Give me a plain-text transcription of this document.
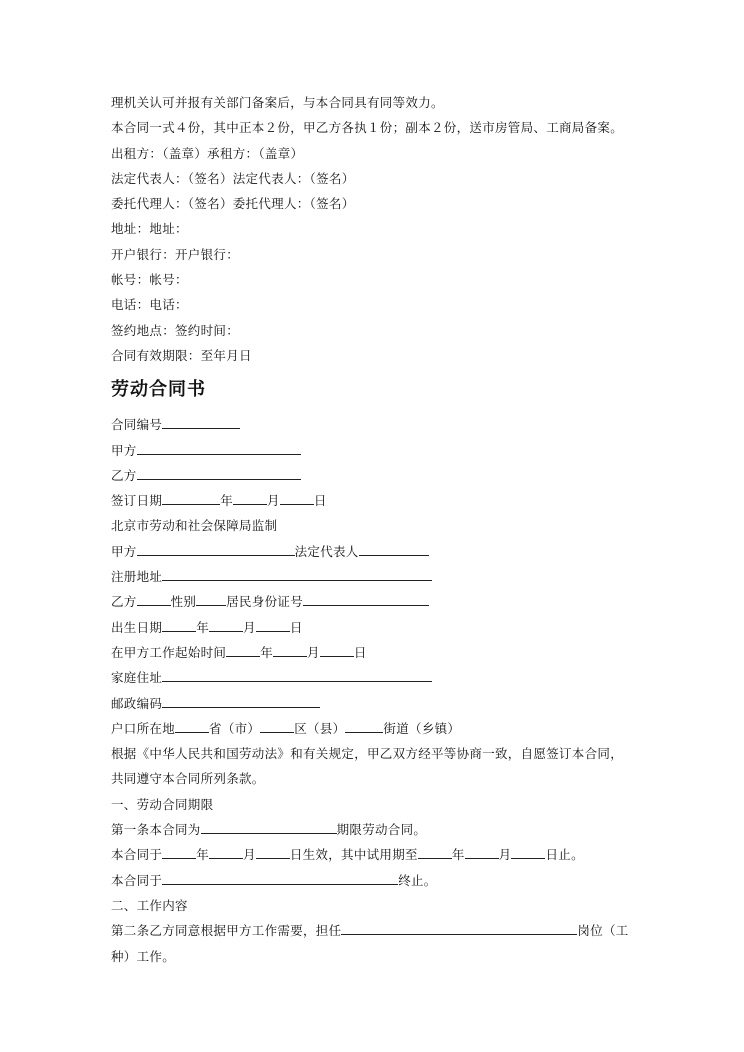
理机关认可并报有关部门备案后，与本合同具有同等效力。
本合同一式４份，其中正本２份，甲乙方各执１份；副本２份，送市房管局、工商局备案。
出租方：（盖章）承租方：（盖章）
法定代表人：（签名）法定代表人：（签名）
委托代理人：（签名）委托代理人：（签名）
地址：地址：
开户银行：开户银行：
帐号：帐号：
电话：电话：
签约地点：签约时间：
合同有效期限：至年月日
劳动合同书
合同编号
甲方
乙方
签订日期	年	月	日
北京市劳动和社会保障局监制
甲方	法定代表人
注册地址
乙方	性别 居民身份证号
出生日期	年	月	日
在甲方工作起始时间	年	月	日
家庭住址
邮政编码
户口所在地	省（市）	区（县）	街道（乡镇）
根据《中华人民共和国劳动法》和有关规定，甲乙双方经平等协商一致，自愿签订本合同，
共同遵守本合同所列条款。
一、劳动合同期限
第一条本合同为	期限劳动合同。
本合同于	年	月	日生效，其中试用期至	年	月	日止。
本合同于	终止。
二、工作内容
第二条乙方同意根据甲方工作需要，担任	岗位（工
种）工作。
